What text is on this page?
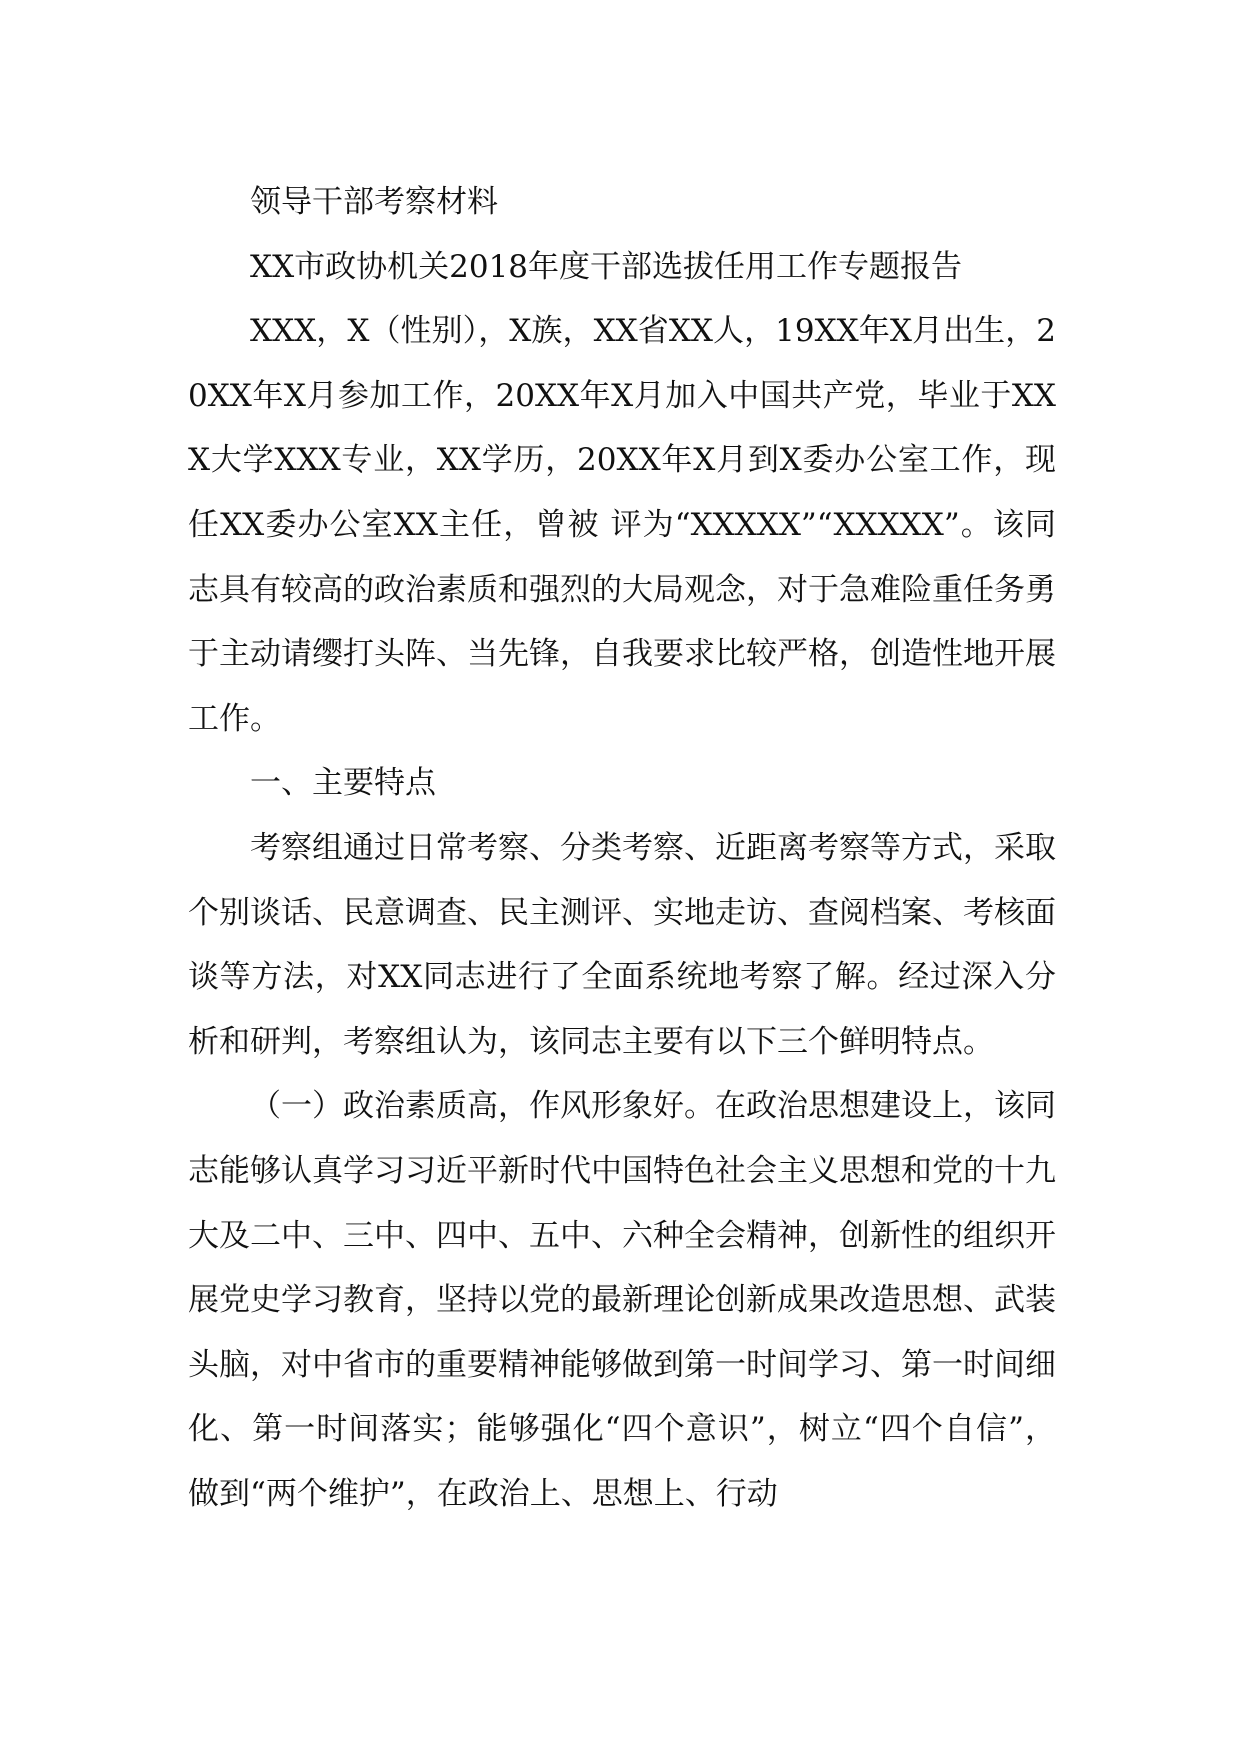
领导干部考察材料

XX市政协机关2018年度干部选拔任用工作专题报告

XXX，X（性别），X族，XX省XX人，19XX年X月出生，20XX年X月参加工作，20XX年X月加入中国共产党，毕业于XXX大学XXX专业，XX学历，20XX年X月到X委办公室工作，现任XX委办公室XX主任，曾被 评为“XXXXX”“XXXXX”。该同志具有较高的政治素质和强烈的大局观念，对于急难险重任务勇于主动请缨打头阵、当先锋，自我要求比较严格，创造性地开展工作。

一、主要特点

考察组通过日常考察、分类考察、近距离考察等方式，采取个别谈话、民意调查、民主测评、实地走访、查阅档案、考核面谈等方法，对XX同志进行了全面系统地考察了解。经过深入分析和研判，考察组认为，该同志主要有以下三个鲜明特点。

（一）政治素质高，作风形象好。在政治思想建设上，该同志能够认真学习习近平新时代中国特色社会主义思想和党的十九大及二中、三中、四中、五中、六种全会精神，创新性的组织开展党史学习教育，坚持以党的最新理论创新成果改造思想、武装头脑，对中省市的重要精神能够做到第一时间学习、第一时间细化、第一时间落实；能够强化“四个意识”，树立“四个自信”，做到“两个维护”，在政治上、思想上、行动
